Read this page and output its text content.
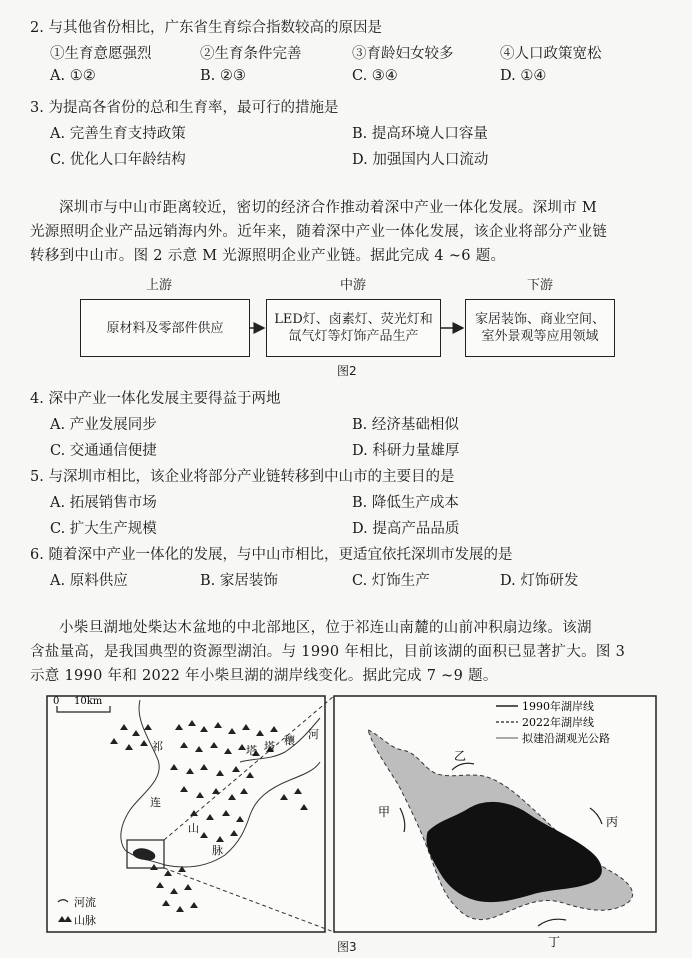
2. 与其他省份相比，广东省生育综合指数较高的原因是
①生育意愿强烈	②生育条件完善	③育龄妇女较多	④人口政策宽松
A. ①②	B. ②③	C. ③④	D. ①④
3. 为提高各省份的总和生育率，最可行的措施是
A. 完善生育支持政策	B. 提高环境人口容量
C. 优化人口年龄结构	D. 加强国内人口流动

深圳市与中山市距离较近，密切的经济合作推动着深中产业一体化发展。深圳市 M

光源照明企业产品远销海内外。近年来，随着深中产业一体化发展，该企业将部分产业链
转移到中山市。图 2 示意 M 光源照明企业产业链。据此完成 4 ~6 题。
上游	中游	下游
原材料及零部件供应
LED灯、卤素灯、荧光灯和氙气灯等灯饰产品生产
家居装饰、商业空间、室外景观等应用领域
图2
4. 深中产业一体化发展主要得益于两地
A. 产业发展同步	B. 经济基础相似
C. 交通通信便捷	D. 科研力量雄厚
5. 与深圳市相比，该企业将部分产业链转移到中山市的主要目的是
A. 拓展销售市场	B. 降低生产成本
C. 扩大生产规模	D. 提高产品品质
6. 随着深中产业一体化的发展，与中山市相比，更适宜依托深圳市发展的是
A. 原料供应	B. 家居装饰	C. 灯饰生产	D. 灯饰研发

小柴旦湖地处柴达木盆地的中北部地区，位于祁连山南麓的山前冲积扇边缘。该湖

含盐量高，是我国典型的资源型湖泊。与 1990 年相比，目前该湖的面积已显著扩大。图 3
示意 1990 年和 2022 年小柴旦湖的湖岸线变化。据此完成 7 ~9 题。
0 10km
祁
连
山
脉
塔 塔 穰 河
河流
山脉
乙
甲
丙
丁
1990年湖岸线
2022年湖岸线
拟建沿湖观光公路
图3
